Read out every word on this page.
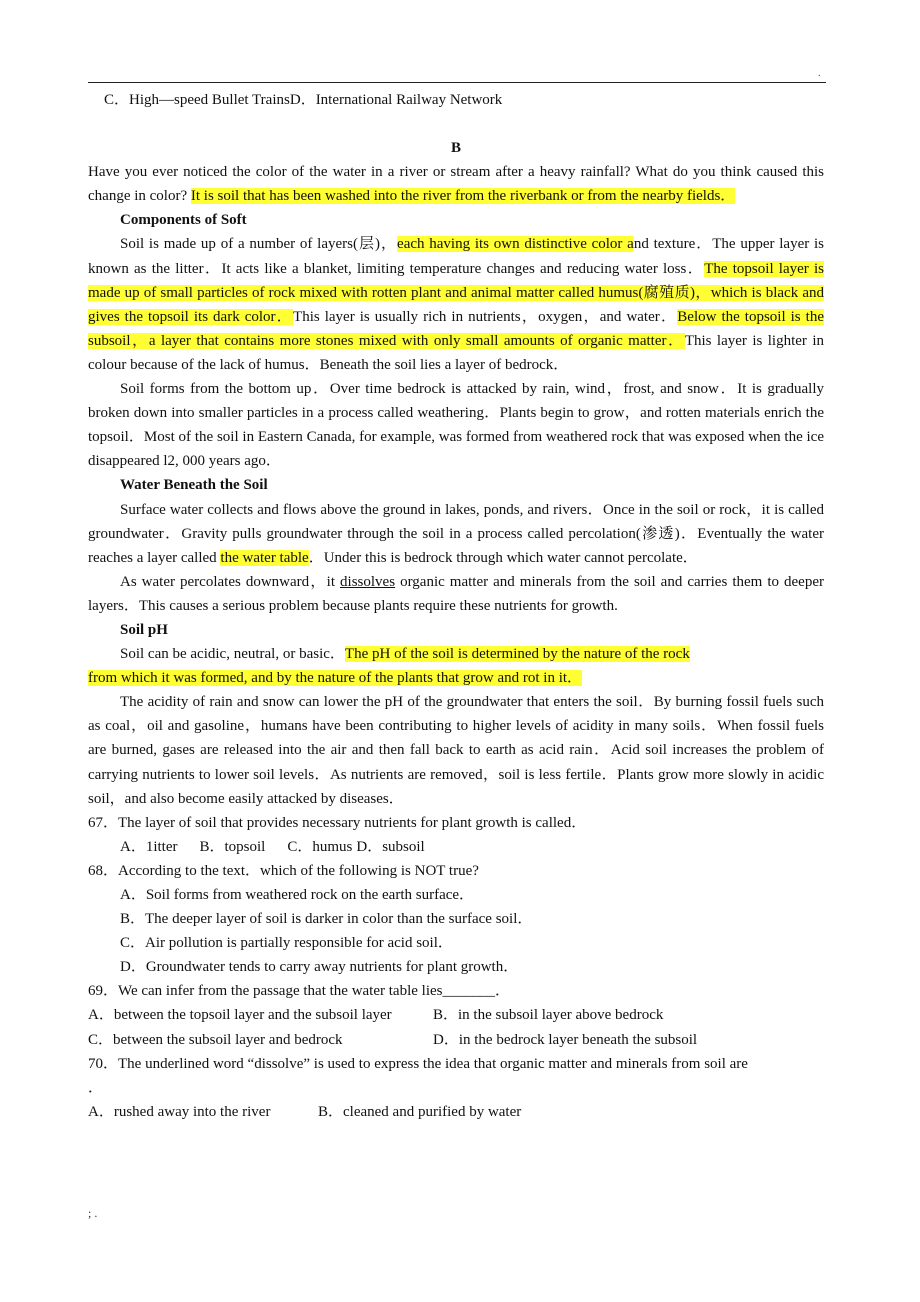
.

C．High—speed Bullet TrainsD．International Railway Network

B

Have you ever noticed the color of the water in a river or stream after a heavy rainfall? What do you think caused this change in color? It is soil that has been washed into the river from the riverbank or from the nearby fields．

Components of Soft

Soil is made up of a number of layers(层)，each having its own distinctive color and texture．The upper layer is known as the litter．It acts like a blanket, limiting temperature changes and reducing water loss．The topsoil layer is made up of small particles of rock mixed with rotten plant and animal matter called humus(腐殖质)，which is black and gives the topsoil its dark color．This layer is usually rich in nutrients，oxygen，and water．Below the topsoil is the subsoil，a layer that contains more stones mixed with only small amounts of organic matter．This layer is lighter in colour because of the lack of humus．Beneath the soil lies a layer of bedrock．

Soil forms from the bottom up．Over time bedrock is attacked by rain, wind，frost, and snow．It is gradually broken down into smaller particles in a process called weathering．Plants begin to grow，and rotten materials enrich the topsoil．Most of the soil in Eastern Canada, for example, was formed from weathered rock that was exposed when the ice disappeared l2, 000 years ago．

Water Beneath the Soil

Surface water collects and flows above the ground in lakes, ponds, and rivers．Once in the soil or rock，it is called groundwater．Gravity pulls groundwater through the soil in a process called percolation(渗透)．Eventually the water reaches a layer called the water table．Under this is bedrock through which water cannot percolate．

As water percolates downward，it dissolves organic matter and minerals from the soil and carries them to deeper layers．This causes a serious problem because plants require these nutrients for growth.

Soil pH

Soil can be acidic, neutral, or basic．The pH of the soil is determined by the nature of the rock

from which it was formed, and by the nature of the plants that grow and rot in it．

The acidity of rain and snow can lower the pH of the groundwater that enters the soil．By burning fossil fuels such as coal，oil and gasoline，humans have been contributing to higher levels of acidity in many soils．When fossil fuels are burned, gases are released into the air and then fall back to earth as acid rain．Acid soil increases the problem of carrying nutrients to lower soil levels．As nutrients are removed，soil is less fertile．Plants grow more slowly in acidic soil，and also become easily attacked by diseases．

67．The layer of soil that provides necessary nutrients for plant growth is called．

A．1itter B．topsoil C．humus D．subsoil

68．According to the text．which of the following is NOT true?

A．Soil forms from weathered rock on the earth surface．

B．The deeper layer of soil is darker in color than the surface soil．

C．Air pollution is partially responsible for acid soil．

D．Groundwater tends to carry away nutrients for plant growth．

69．We can infer from the passage that the water table lies_______．

A．between the topsoil layer and the subsoil layer	B．in the subsoil layer above bedrock

C．between the subsoil layer and bedrock	D．in the bedrock layer beneath the subsoil

70．The underlined word “dissolve” is used to express the idea that organic matter and minerals from soil are

．

A．rushed away into the river	B．cleaned and purified by water

; .
